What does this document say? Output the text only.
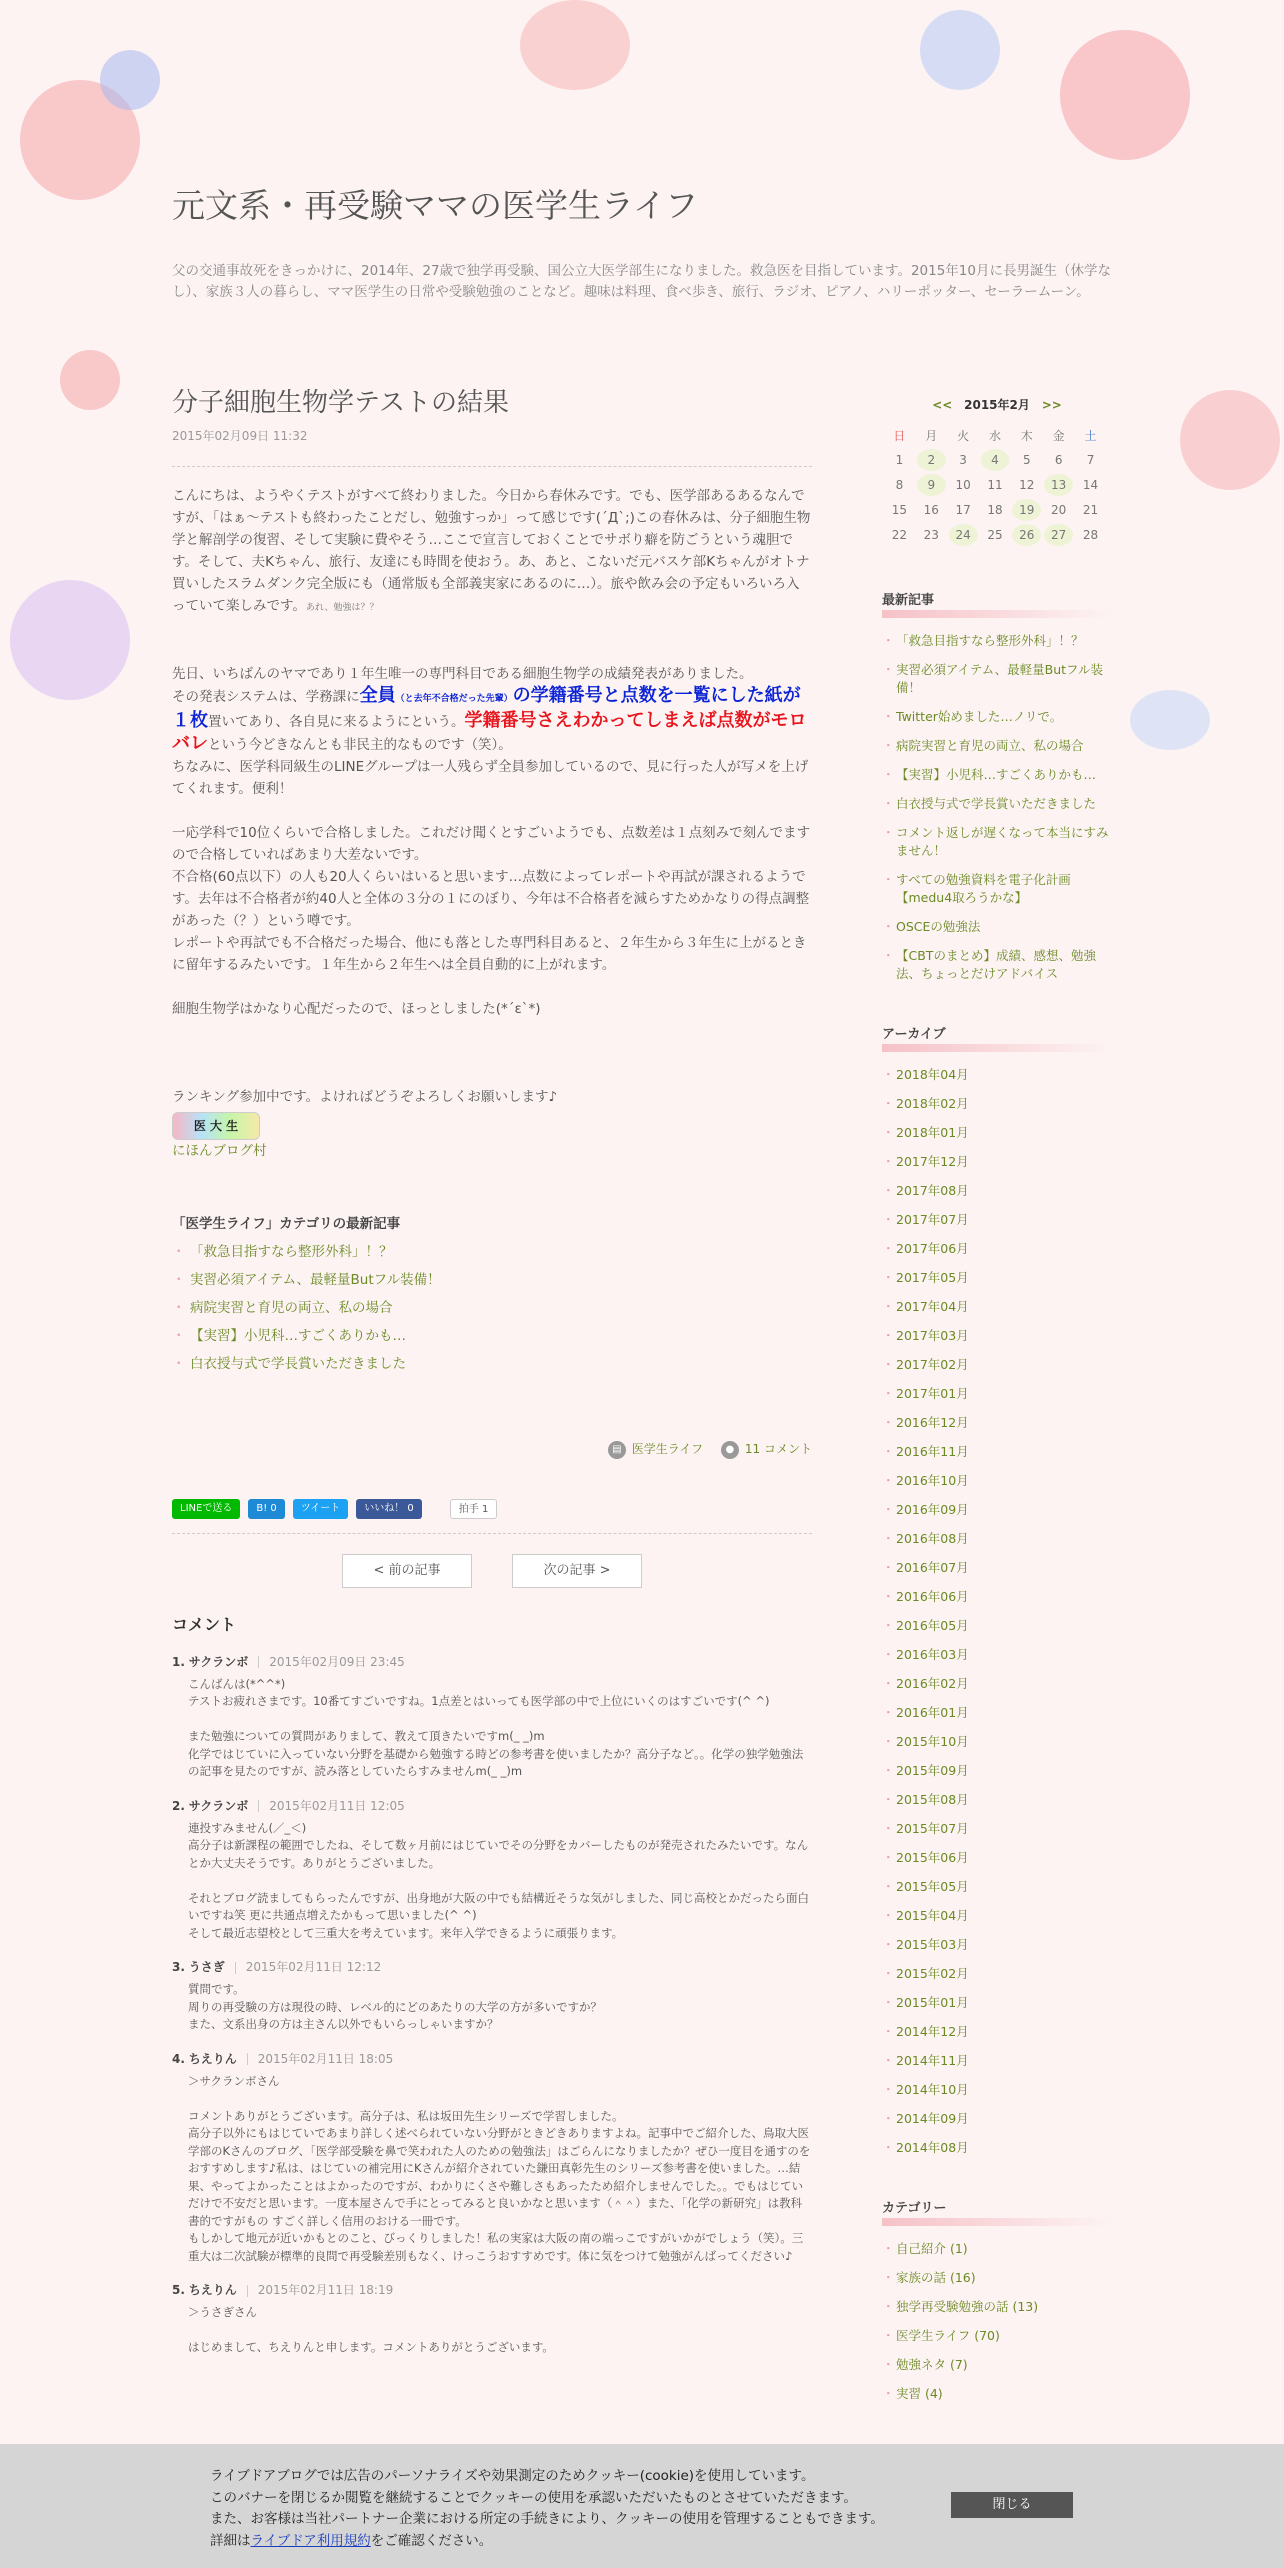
元文系・再受験ママの医学生ライフ

父の交通事故死をきっかけに、2014年、27歳で独学再受験、国公立大医学部生になりました。救急医を目指しています。2015年10月に長男誕生（休学なし）、家族３人の暮らし、ママ医学生の日常や受験勉強のことなど。趣味は料理、食べ歩き、旅行、ラジオ、ピアノ、ハリーポッター、セーラームーン。

分子細胞生物学テストの結果
2015年02月09日 11:32

こんにちは、ようやくテストがすべて終わりました。今日から春休みです。でも、医学部あるあるなんですが、「はぁ～テストも終わったことだし、勉強すっか」って感じです(´Д`;)この春休みは、分子細胞生物学と解剖学の復習、そして実験に費やそう…ここで宣言しておくことでサボり癖を防ごうという魂胆です。そして、夫Kちゃん、旅行、友達にも時間を使おう。あ、あと、こないだ元バスケ部Kちゃんがオトナ買いしたスラムダンク完全版にも（通常版も全部義実家にあるのに…）。旅や飲み会の予定もいろいろ入っていて楽しみです。あれ、勉強は？？

先日、いちばんのヤマであり１年生唯一の専門科目である細胞生物学の成績発表がありました。

その発表システムは、学務課に全員（と去年不合格だった先輩）の学籍番号と点数を一覧にした紙が１枚置いてあり、各自見に来るようにという。学籍番号さえわかってしまえば点数がモロバレという今どきなんとも非民主的なものです（笑）。

ちなみに、医学科同級生のLINEグループは一人残らず全員参加しているので、見に行った人が写メを上げてくれます。便利！

一応学科で10位くらいで合格しました。これだけ聞くとすごいようでも、点数差は１点刻みで刻んでますので合格していればあまり大差ないです。

不合格(60点以下）の人も20人くらいはいると思います…点数によってレポートや再試が課されるようです。去年は不合格者が約40人と全体の３分の１にのぼり、今年は不合格者を減らすためかなりの得点調整があった（？）という噂です。

レポートや再試でも不合格だった場合、他にも落とした専門科目あると、２年生から３年生に上がるときに留年するみたいです。１年生から２年生へは全員自動的に上がれます。

細胞生物学はかなり心配だったので、ほっとしました(*´ε`*)

ランキング参加中です。よければどうぞよろしくお願いします♪

医 大 生

にほんブログ村

「医学生ライフ」カテゴリの最新記事
・ 「救急目指すなら整形外科」！？
・ 実習必須アイテム、最軽量Butフル装備！
・ 病院実習と育児の両立、私の場合
・ 【実習】小児科…すごくありかも…
・ 白衣授与式で学長賞いただきました
▤ 医学生ライフ ● 11 コメント
LINEで送る	B! 0	ツイート	いいね！ 0	拍手 1
< 前の記事	次の記事 >
コメント
1. サクランボ 2015年02月09日 23:45
こんばんは(*^^*)
テストお疲れさまです。10番てすごいですね。1点差とはいっても医学部の中で上位にいくのはすごいです(^ ^)

また勉強についての質問がありまして、教えて頂きたいですm(_ _)m
化学ではじていに入っていない分野を基礎から勉強する時どの参考書を使いましたか？高分子など。。化学の独学勉強法の記事を見たのですが、読み落としていたらすみませんm(_ _)m
2. サクランボ 2015年02月11日 12:05
連投すみません(／_＜)
高分子は新課程の範囲でしたね、そして数ヶ月前にはじていでその分野をカバーしたものが発売されたみたいです。なんとか大丈夫そうです。ありがとうございました。

それとブログ読ましてもらったんですが、出身地が大阪の中でも結構近そうな気がしました、同じ高校とかだったら面白いですね笑 更に共通点増えたかもって思いました(^ ^)
そして最近志望校として三重大を考えています。来年入学できるように頑張ります。
3. うさぎ 2015年02月11日 12:12
質問です。
周りの再受験の方は現役の時、レベル的にどのあたりの大学の方が多いですか？
また、文系出身の方は主さん以外でもいらっしゃいますか？
4. ちえりん 2015年02月11日 18:05
＞サクランボさん

コメントありがとうございます。高分子は、私は坂田先生シリーズで学習しました。
高分子以外にもはじていであまり詳しく述べられていない分野がときどきありますよね。記事中でご紹介した、鳥取大医学部のKさんのブログ、「医学部受験を鼻で笑われた人のための勉強法」はごらんになりましたか？ぜひ一度目を通すのをおすすめします♪私は、はじていの補完用にKさんが紹介されていた鎌田真彰先生のシリーズ参考書を使いました。…結果、やってよかったことはよかったのですが、わかりにくさや難しさもあったため紹介しませんでした。。でもはじていだけで不安だと思います。一度本屋さんで手にとってみると良いかなと思います（＾＾）また、「化学の新研究」は教科書的ですがもの すごく詳しく信用のおける一冊です。
もしかして地元が近いかもとのこと、びっくりしました！私の実家は大阪の南の端っこですがいかがでしょう（笑）。三重大は二次試験が標準的良問で再受験差別もなく、けっこうおすすめです。体に気をつけて勉強がんばってください♪
5. ちえりん 2015年02月11日 18:19
＞うさぎさん

はじめまして、ちえりんと申します。コメントありがとうございます。
<< 2015年2月 >>
日	月	火	水	木	金	土
1	2	3	4	5	6	7
8	9	10	11	12	13	14
15	16	17	18	19	20	21
22	23	24	25	26	27	28
最新記事
・ 「救急目指すなら整形外科」！？
・ 実習必須アイテム、最軽量Butフル装備！
・ Twitter始めました…ノリで。
・ 病院実習と育児の両立、私の場合
・ 【実習】小児科…すごくありかも…
・ 白衣授与式で学長賞いただきました
・ コメント返しが遅くなって本当にすみません！
・ すべての勉強資料を電子化計画【medu4取ろうかな】
・ OSCEの勉強法
・ 【CBTのまとめ】成績、感想、勉強法、ちょっとだけアドバイス
アーカイブ
・ 2018年04月
・ 2018年02月
・ 2018年01月
・ 2017年12月
・ 2017年08月
・ 2017年07月
・ 2017年06月
・ 2017年05月
・ 2017年04月
・ 2017年03月
・ 2017年02月
・ 2017年01月
・ 2016年12月
・ 2016年11月
・ 2016年10月
・ 2016年09月
・ 2016年08月
・ 2016年07月
・ 2016年06月
・ 2016年05月
・ 2016年03月
・ 2016年02月
・ 2016年01月
・ 2015年10月
・ 2015年09月
・ 2015年08月
・ 2015年07月
・ 2015年06月
・ 2015年05月
・ 2015年04月
・ 2015年03月
・ 2015年02月
・ 2015年01月
・ 2014年12月
・ 2014年11月
・ 2014年10月
・ 2014年09月
・ 2014年08月
カテゴリー
・ 自己紹介 (1)
・ 家族の話 (16)
・ 独学再受験勉強の話 (13)
・ 医学生ライフ (70)
・ 勉強ネタ (7)
・ 実習 (4)
ライブドアブログでは広告のパーソナライズや効果測定のためクッキー(cookie)を使用しています。
このバナーを閉じるか閲覧を継続することでクッキーの使用を承認いただいたものとさせていただきます。
また、お客様は当社パートナー企業における所定の手続きにより、クッキーの使用を管理することもできます。
詳細はライブドア利用規約をご確認ください。
閉じる
